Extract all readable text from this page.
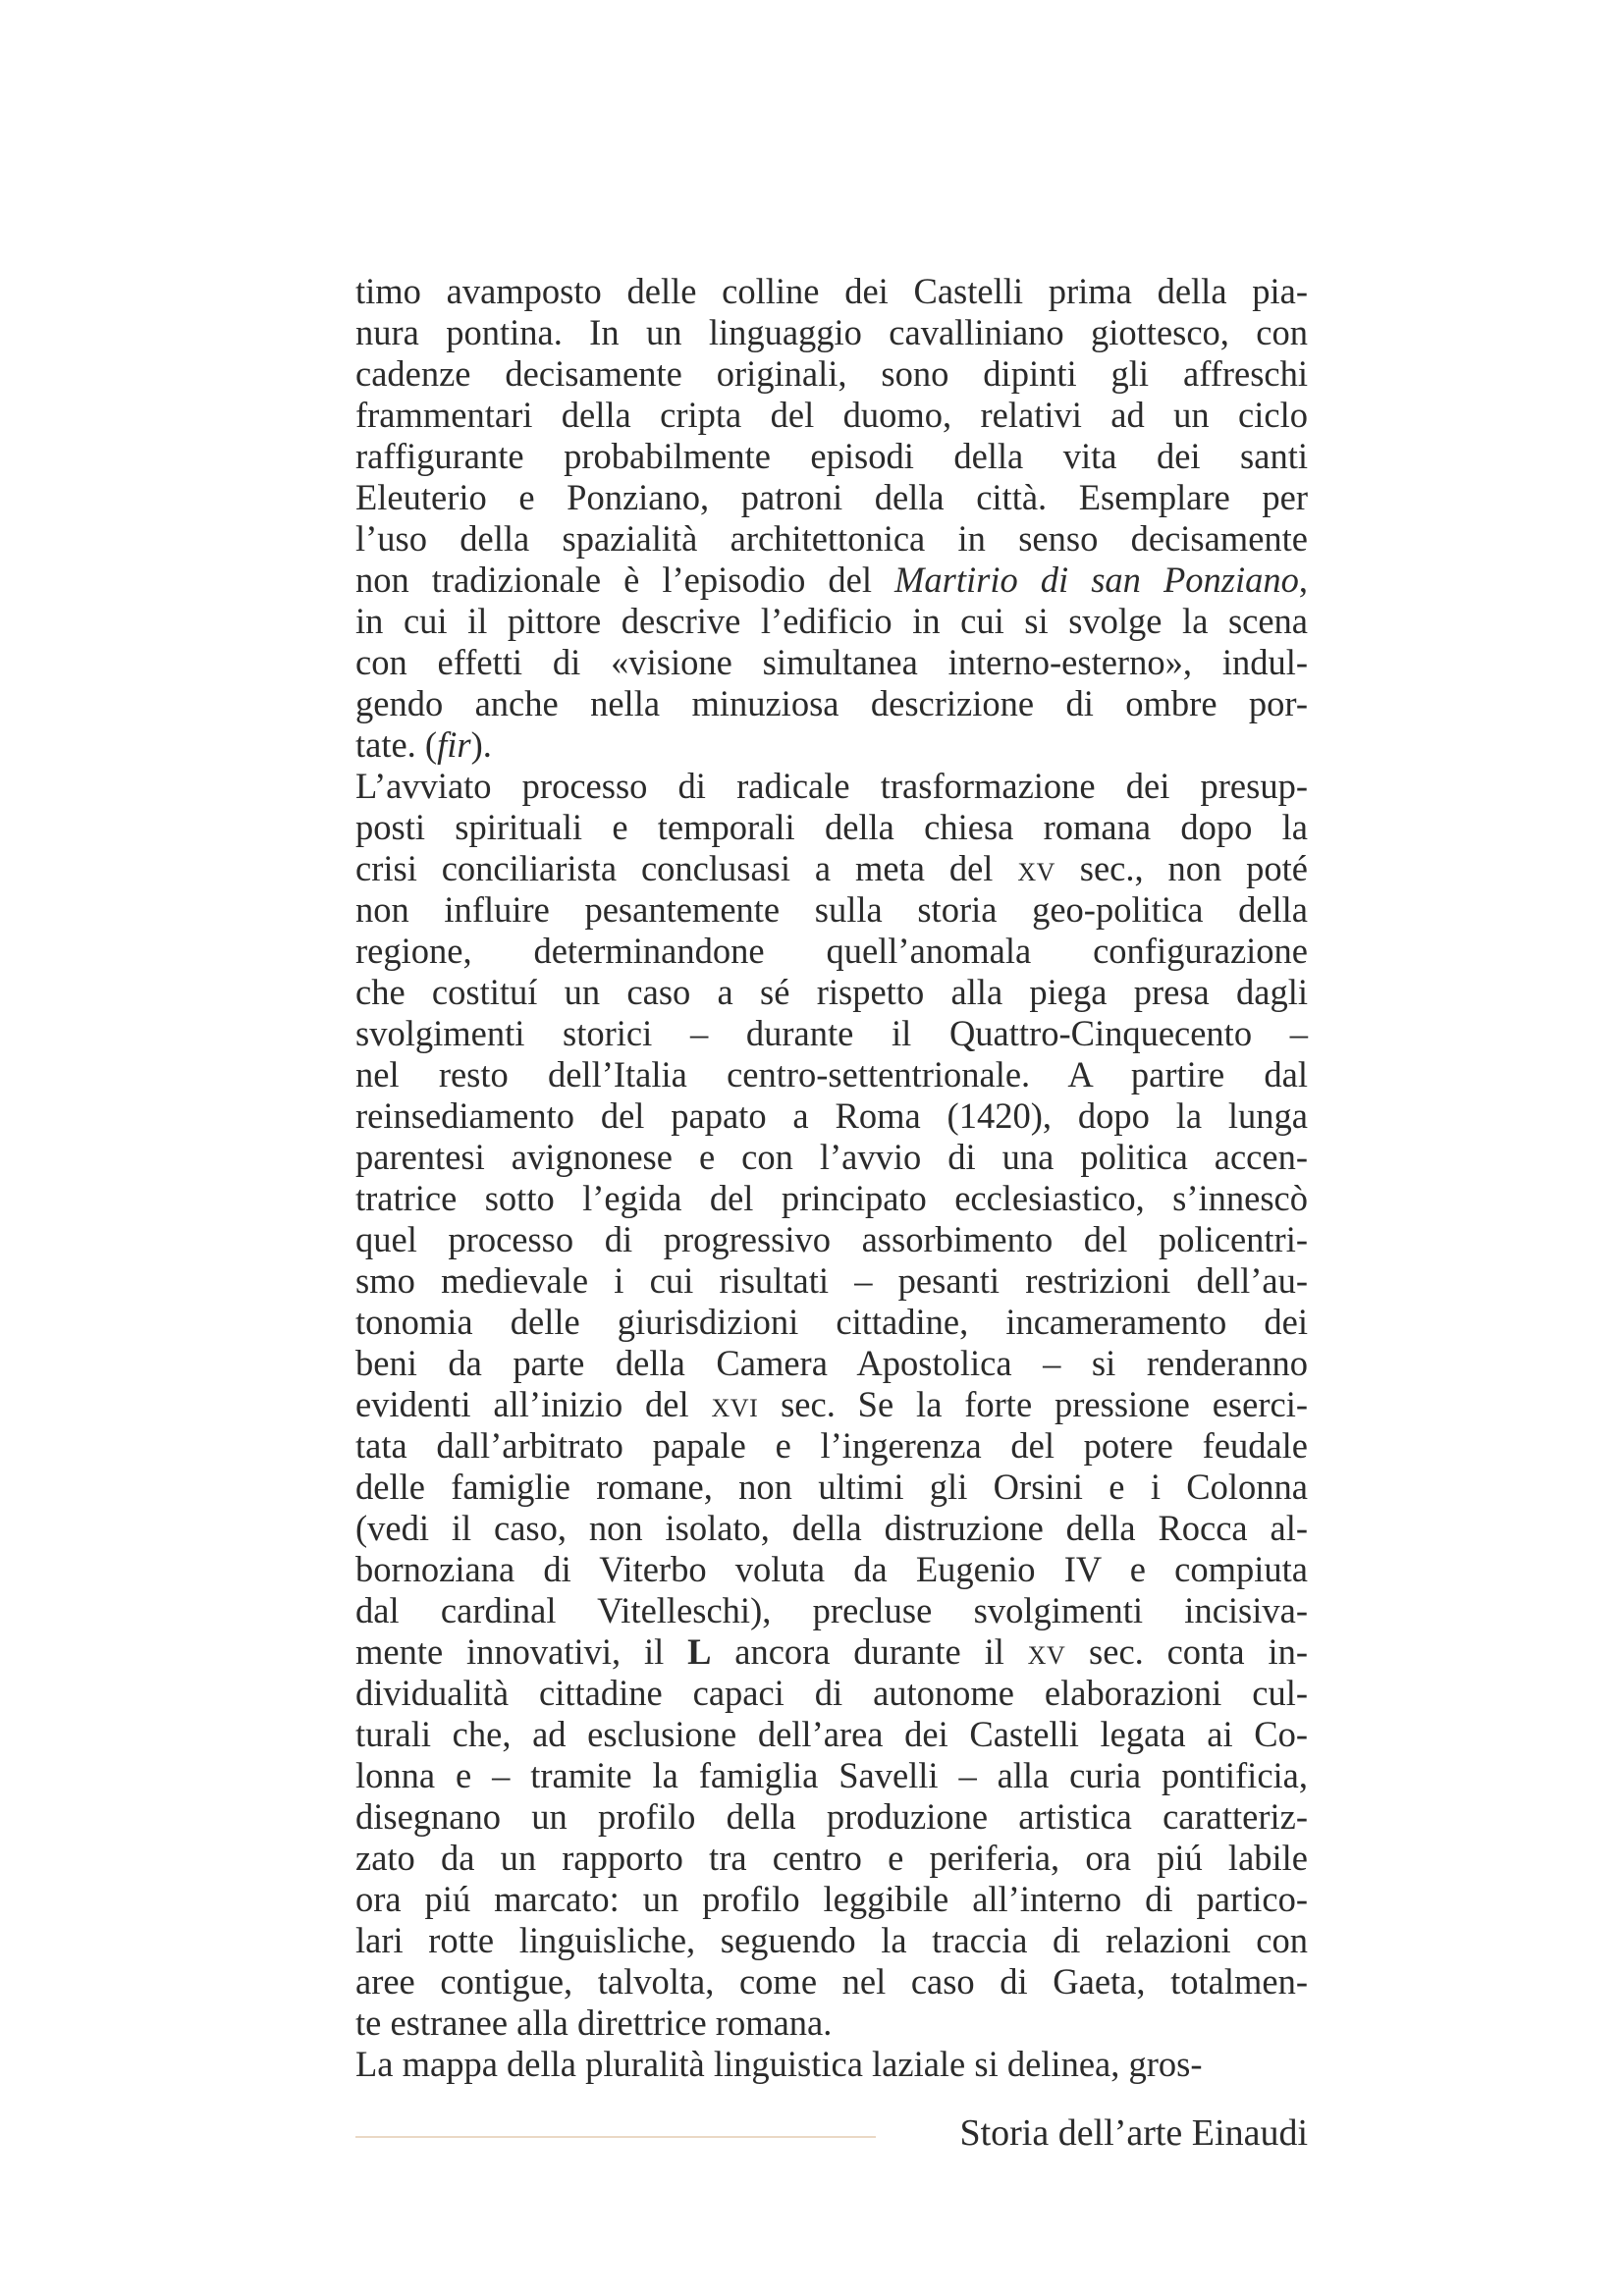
timo avamposto delle colline dei Castelli prima della pia-
nura pontina. In un linguaggio cavalliniano giottesco, con
cadenze decisamente originali, sono dipinti gli affreschi
frammentari della cripta del duomo, relativi ad un ciclo
raffigurante probabilmente episodi della vita dei santi
Eleuterio e Ponziano, patroni della città. Esemplare per
l’uso della spazialità architettonica in senso decisamente
non tradizionale è l’episodio del Martirio di san Ponziano,
in cui il pittore descrive l’edificio in cui si svolge la scena
con effetti di «visione simultanea interno-esterno», indul-
gendo anche nella minuziosa descrizione di ombre por-
tate. (fir).
L’avviato processo di radicale trasformazione dei presup-
posti spirituali e temporali della chiesa romana dopo la
crisi conciliarista conclusasi a meta del xv sec., non poté
non influire pesantemente sulla storia geo-politica della
regione, determinandone quell’anomala configurazione
che costituí un caso a sé rispetto alla piega presa dagli
svolgimenti storici – durante il Quattro-Cinquecento –
nel resto dell’Italia centro-settentrionale. A partire dal
reinsediamento del papato a Roma (1420), dopo la lunga
parentesi avignonese e con l’avvio di una politica accen-
tratrice sotto l’egida del principato ecclesiastico, s’innescò
quel processo di progressivo assorbimento del policentri-
smo medievale i cui risultati – pesanti restrizioni dell’au-
tonomia delle giurisdizioni cittadine, incameramento dei
beni da parte della Camera Apostolica – si renderanno
evidenti all’inizio del xvi sec. Se la forte pressione eserci-
tata dall’arbitrato papale e l’ingerenza del potere feudale
delle famiglie romane, non ultimi gli Orsini e i Colonna
(vedi il caso, non isolato, della distruzione della Rocca al-
bornoziana di Viterbo voluta da Eugenio IV e compiuta
dal cardinal Vitelleschi), precluse svolgimenti incisiva-
mente innovativi, il L ancora durante il xv sec. conta in-
dividualità cittadine capaci di autonome elaborazioni cul-
turali che, ad esclusione dell’area dei Castelli legata ai Co-
lonna e – tramite la famiglia Savelli – alla curia pontificia,
disegnano un profilo della produzione artistica caratteriz-
zato da un rapporto tra centro e periferia, ora piú labile
ora piú marcato: un profilo leggibile all’interno di partico-
lari rotte linguisliche, seguendo la traccia di relazioni con
aree contigue, talvolta, come nel caso di Gaeta, totalmen-
te estranee alla direttrice romana.
La mappa della pluralità linguistica laziale si delinea, gros-
Storia dell’arte Einaudi
